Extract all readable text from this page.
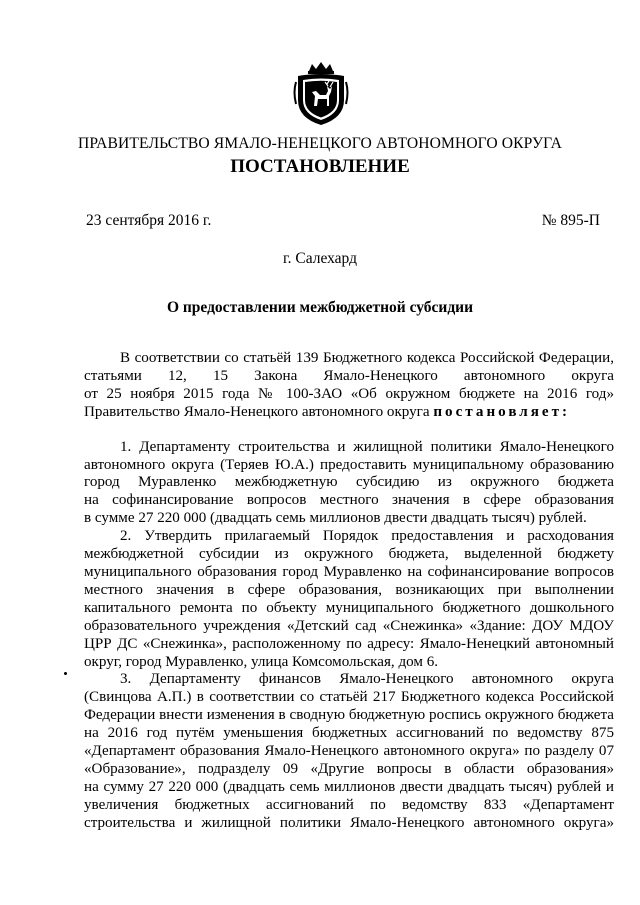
ПРАВИТЕЛЬСТВО ЯМАЛО-НЕНЕЦКОГО АВТОНОМНОГО ОКРУГА
ПОСТАНОВЛЕНИЕ
23 сентября 2016 г.	№ 895-П
г. Салехард
О предоставлении межбюджетной субсидии
В соответствии со статьёй 139 Бюджетного кодекса Российской Федерации,
статьями 12, 15 Закона Ямало-Ненецкого автономного округа
от 25 ноября 2015 года № 100-ЗАО «Об окружном бюджете на 2016 год»
Правительство Ямало-Ненецкого автономного округа постановляет:
1. Департаменту строительства и жилищной политики Ямало-Ненецкого
автономного округа (Теряев Ю.А.) предоставить муниципальному образованию
город Муравленко межбюджетную субсидию из окружного бюджета
на софинансирование вопросов местного значения в сфере образования
в сумме 27 220 000 (двадцать семь миллионов двести двадцать тысяч) рублей.
2. Утвердить прилагаемый Порядок предоставления и расходования
межбюджетной субсидии из окружного бюджета, выделенной бюджету
муниципального образования город Муравленко на софинансирование вопросов
местного значения в сфере образования, возникающих при выполнении
капитального ремонта по объекту муниципального бюджетного дошкольного
образовательного учреждения «Детский сад «Снежинка» «Здание: ДОУ МДОУ
ЦРР ДС «Снежинка», расположенному по адресу: Ямало-Ненецкий автономный
округ, город Муравленко, улица Комсомольская, дом 6.
3. Департаменту финансов Ямало-Ненецкого автономного округа
(Свинцова А.П.) в соответствии со статьёй 217 Бюджетного кодекса Российской
Федерации внести изменения в сводную бюджетную роспись окружного бюджета
на 2016 год путём уменьшения бюджетных ассигнований по ведомству 875
«Департамент образования Ямало-Ненецкого автономного округа» по разделу 07
«Образование», подразделу 09 «Другие вопросы в области образования»
на сумму 27 220 000 (двадцать семь миллионов двести двадцать тысяч) рублей и
увеличения бюджетных ассигнований по ведомству 833 «Департамент
строительства и жилищной политики Ямало-Ненецкого автономного округа»
